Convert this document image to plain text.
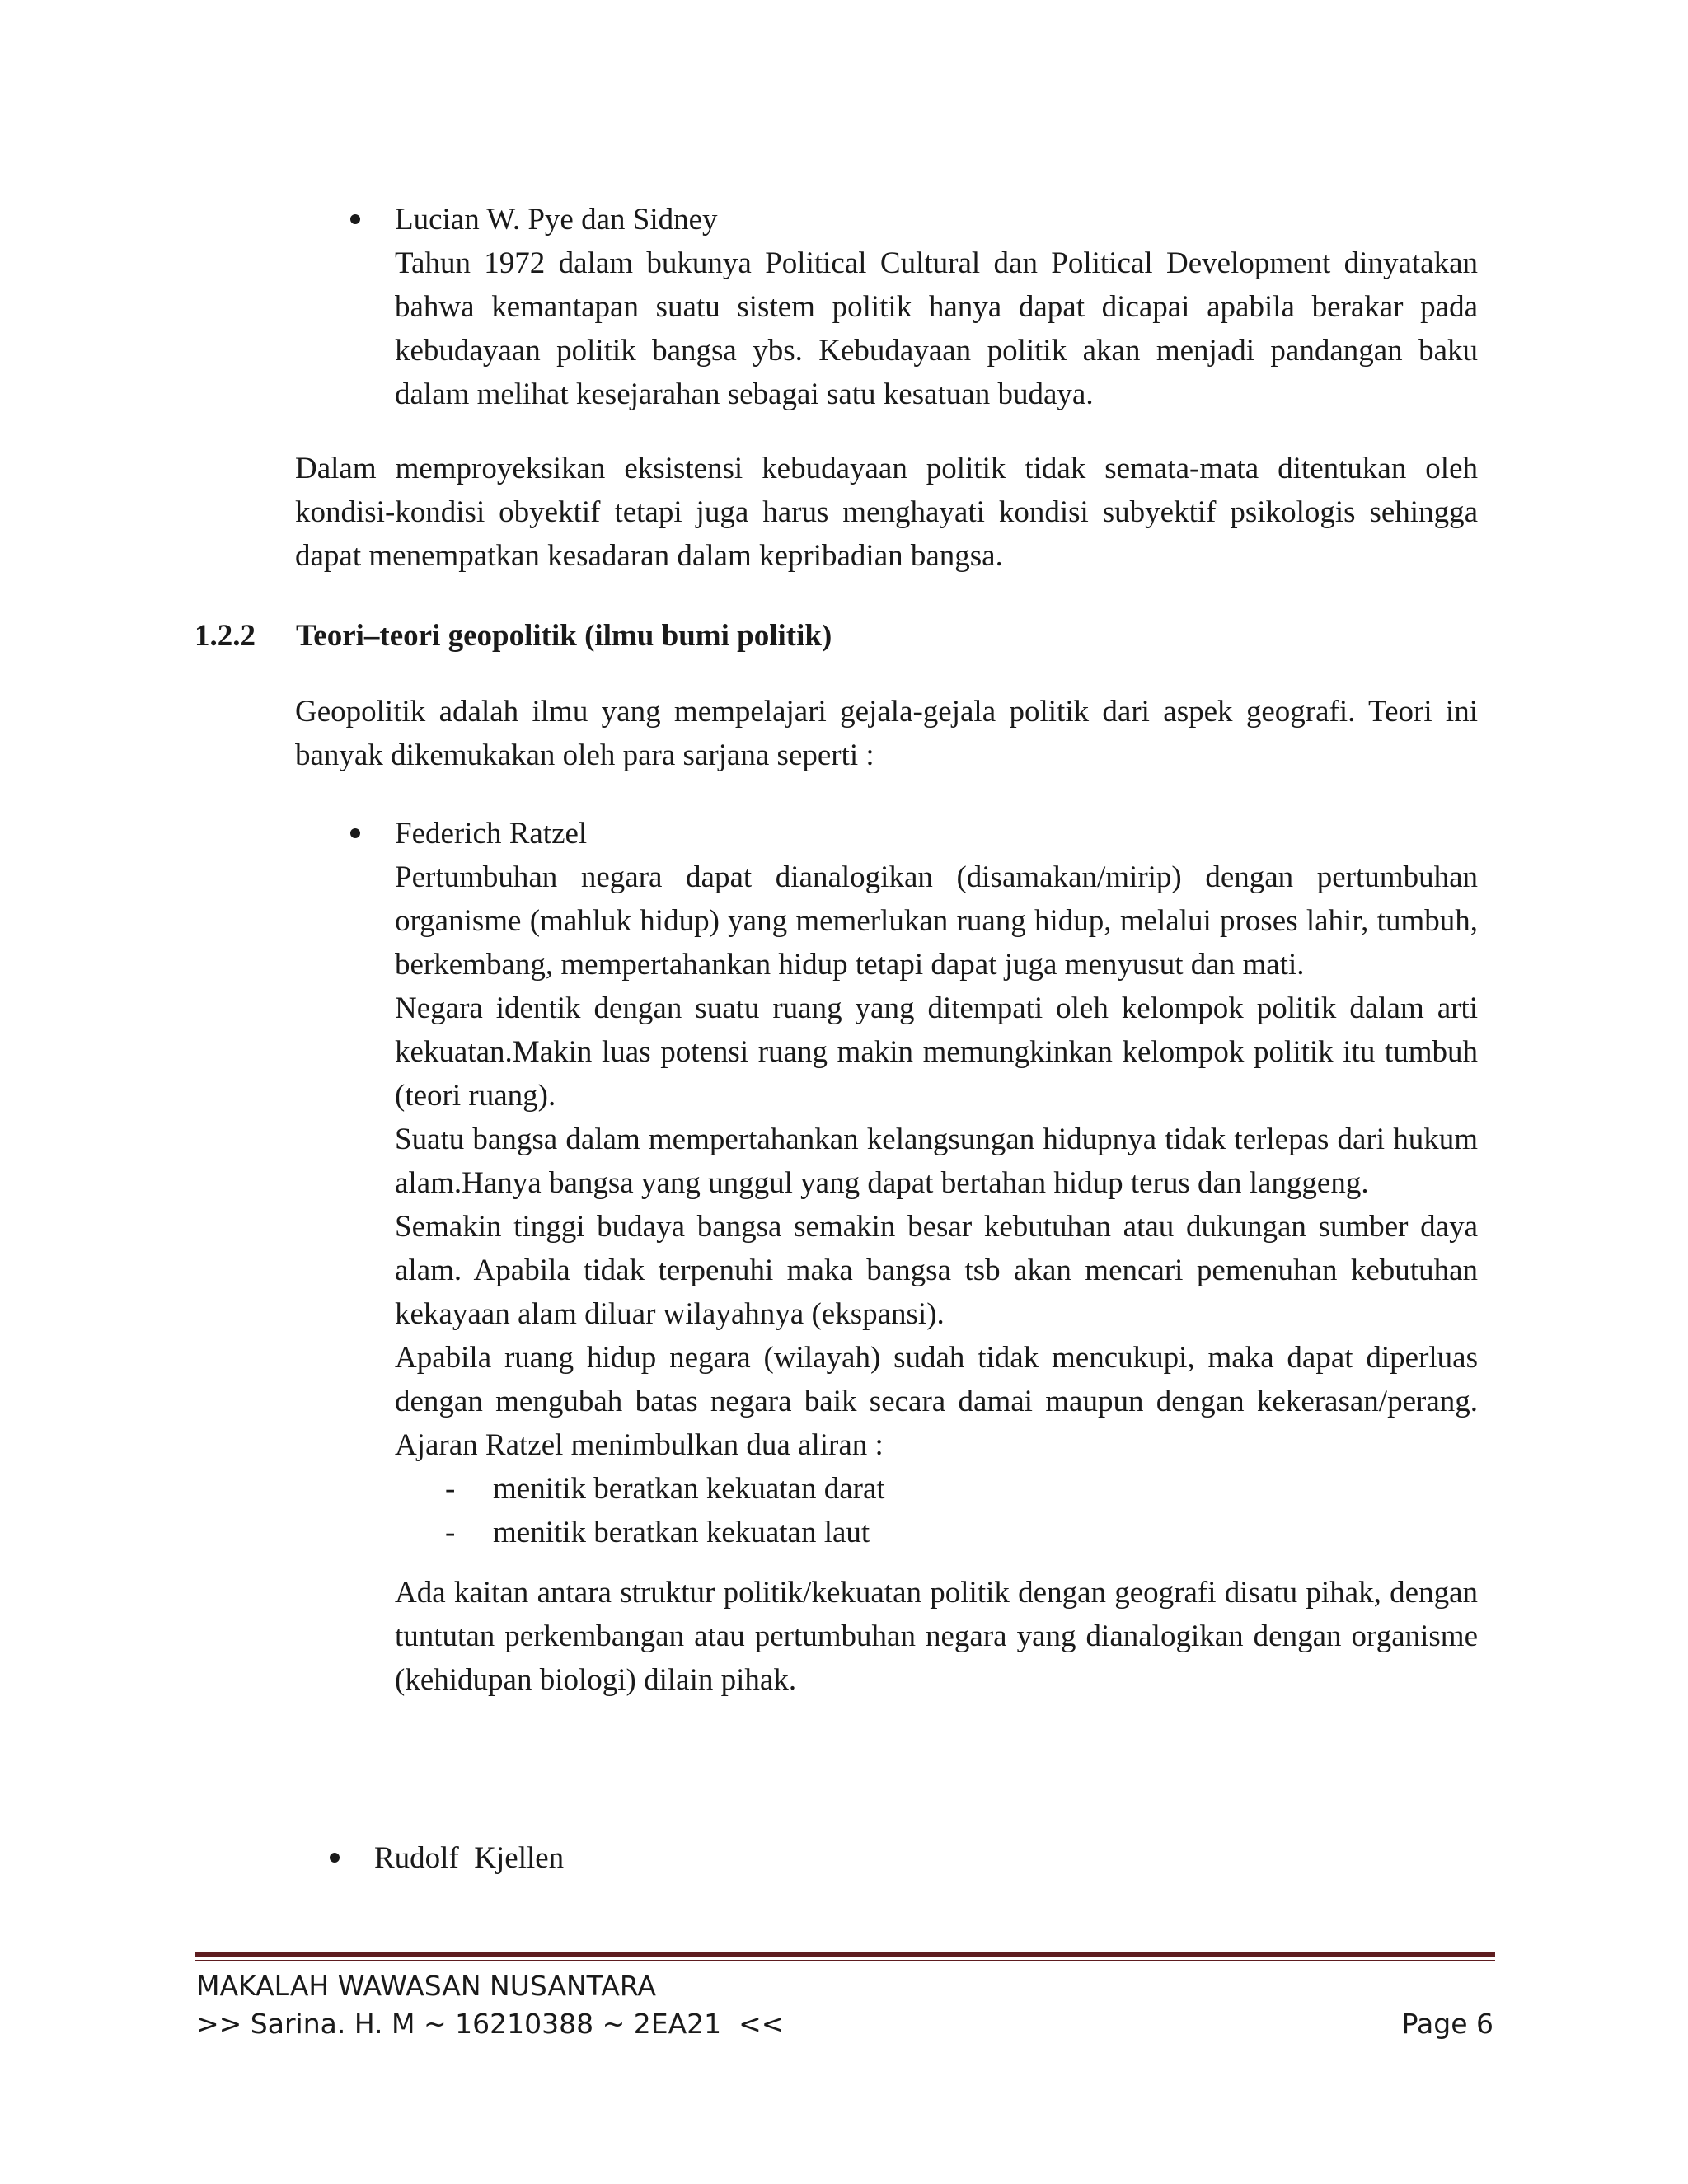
Lucian W. Pye dan Sidney

Tahun 1972 dalam bukunya Political Cultural dan Political Development dinyatakan bahwa kemantapan suatu sistem politik hanya dapat dicapai apabila berakar pada kebudayaan politik bangsa ybs. Kebudayaan politik akan menjadi pandangan baku dalam melihat kesejarahan sebagai satu kesatuan budaya.

Dalam memproyeksikan eksistensi kebudayaan politik tidak semata-mata ditentukan oleh kondisi-kondisi obyektif tetapi juga harus menghayati kondisi subyektif psikologis sehingga dapat menempatkan kesadaran dalam kepribadian bangsa.

1.2.2 Teori–teori geopolitik (ilmu bumi politik)

Geopolitik adalah ilmu yang mempelajari gejala-gejala politik dari aspek geografi. Teori ini banyak dikemukakan oleh para sarjana seperti :

Federich Ratzel

Pertumbuhan negara dapat dianalogikan (disamakan/mirip) dengan pertumbuhan organisme (mahluk hidup) yang memerlukan ruang hidup, melalui proses lahir, tumbuh, berkembang, mempertahankan hidup tetapi dapat juga menyusut dan mati.

Negara identik dengan suatu ruang yang ditempati oleh kelompok politik dalam arti kekuatan.Makin luas potensi ruang makin memungkinkan kelompok politik itu tumbuh (teori ruang).

Suatu bangsa dalam mempertahankan kelangsungan hidupnya tidak terlepas dari hukum alam.Hanya bangsa yang unggul yang dapat bertahan hidup terus dan langgeng.

Semakin tinggi budaya bangsa semakin besar kebutuhan atau dukungan sumber daya alam. Apabila tidak terpenuhi maka bangsa tsb akan mencari pemenuhan kebutuhan kekayaan alam diluar wilayahnya (ekspansi).

Apabila ruang hidup negara (wilayah) sudah tidak mencukupi, maka dapat diperluas dengan mengubah batas negara baik secara damai maupun dengan kekerasan/perang. Ajaran Ratzel menimbulkan dua aliran :

- menitik beratkan kekuatan darat
- menitik beratkan kekuatan laut

Ada kaitan antara struktur politik/kekuatan politik dengan geografi disatu pihak, dengan tuntutan perkembangan atau pertumbuhan negara yang dianalogikan dengan organisme (kehidupan biologi) dilain pihak.

Rudolf  Kjellen

MAKALAH WAWASAN NUSANTARA
>> Sarina. H. M ~ 16210388 ~ 2EA21  <<	Page 6
